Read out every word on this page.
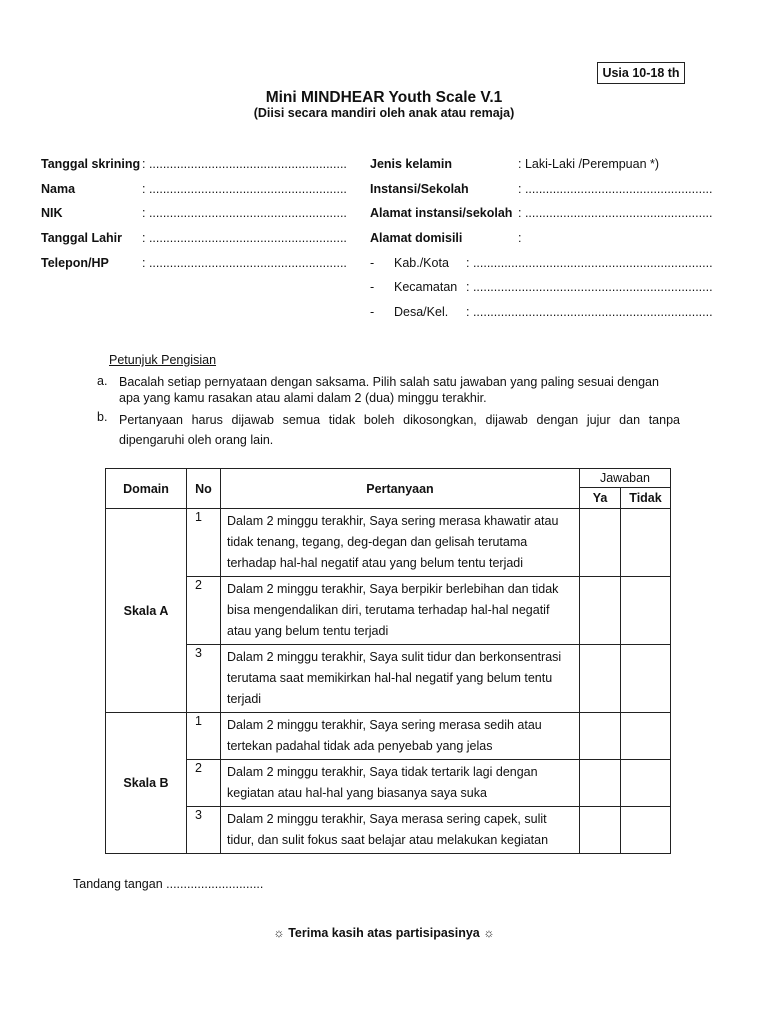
Usia 10-18 th
Mini MINDHEAR Youth Scale V.1
(Diisi secara mandiri oleh anak atau remaja)
Tanggal skrining : .........................................................
Nama	: .........................................................
NIK	: .........................................................
Tanggal Lahir : .........................................................
Telepon/HP	: .........................................................
Jenis kelamin	: Laki-Laki /Perempuan *)
Instansi/Sekolah	: ......................................................
Alamat instansi/sekolah : ......................................................
Alamat domisili	:
- Kab./Kota : .....................................................................
- Kecamatan : .....................................................................
- Desa/Kel. : .....................................................................
Petunjuk Pengisian
a. Bacalah setiap pernyataan dengan saksama. Pilih salah satu jawaban yang paling sesuai dengan apa yang kamu rasakan atau alami dalam 2 (dua) minggu terakhir.
b. Pertanyaan harus dijawab semua tidak boleh dikosongkan, dijawab dengan jujur dan tanpa dipengaruhi oleh orang lain.
Domain	No	Pertanyaan	Jawaban	
			Ya	Tidak
Skala A	1	Dalam 2 minggu terakhir, Saya sering merasa khawatir atau tidak tenang, tegang, deg-degan dan gelisah terutama terhadap hal-hal negatif atau yang belum tentu terjadi		
	2	Dalam 2 minggu terakhir, Saya berpikir berlebihan dan tidak bisa mengendalikan diri, terutama terhadap hal-hal negatif atau yang belum tentu terjadi		
	3	Dalam 2 minggu terakhir, Saya sulit tidur dan berkonsentrasi terutama saat memikirkan hal-hal negatif yang belum tentu terjadi		
Skala B	1	Dalam 2 minggu terakhir, Saya sering merasa sedih atau tertekan padahal tidak ada penyebab yang jelas		
	2	Dalam 2 minggu terakhir, Saya tidak tertarik lagi dengan kegiatan atau hal-hal yang biasanya saya suka		
	3	Dalam 2 minggu terakhir, Saya merasa sering capek, sulit tidur, dan sulit fokus saat belajar atau melakukan kegiatan		
Tandang tangan ............................
☼ Terima kasih atas partisipasinya ☼
